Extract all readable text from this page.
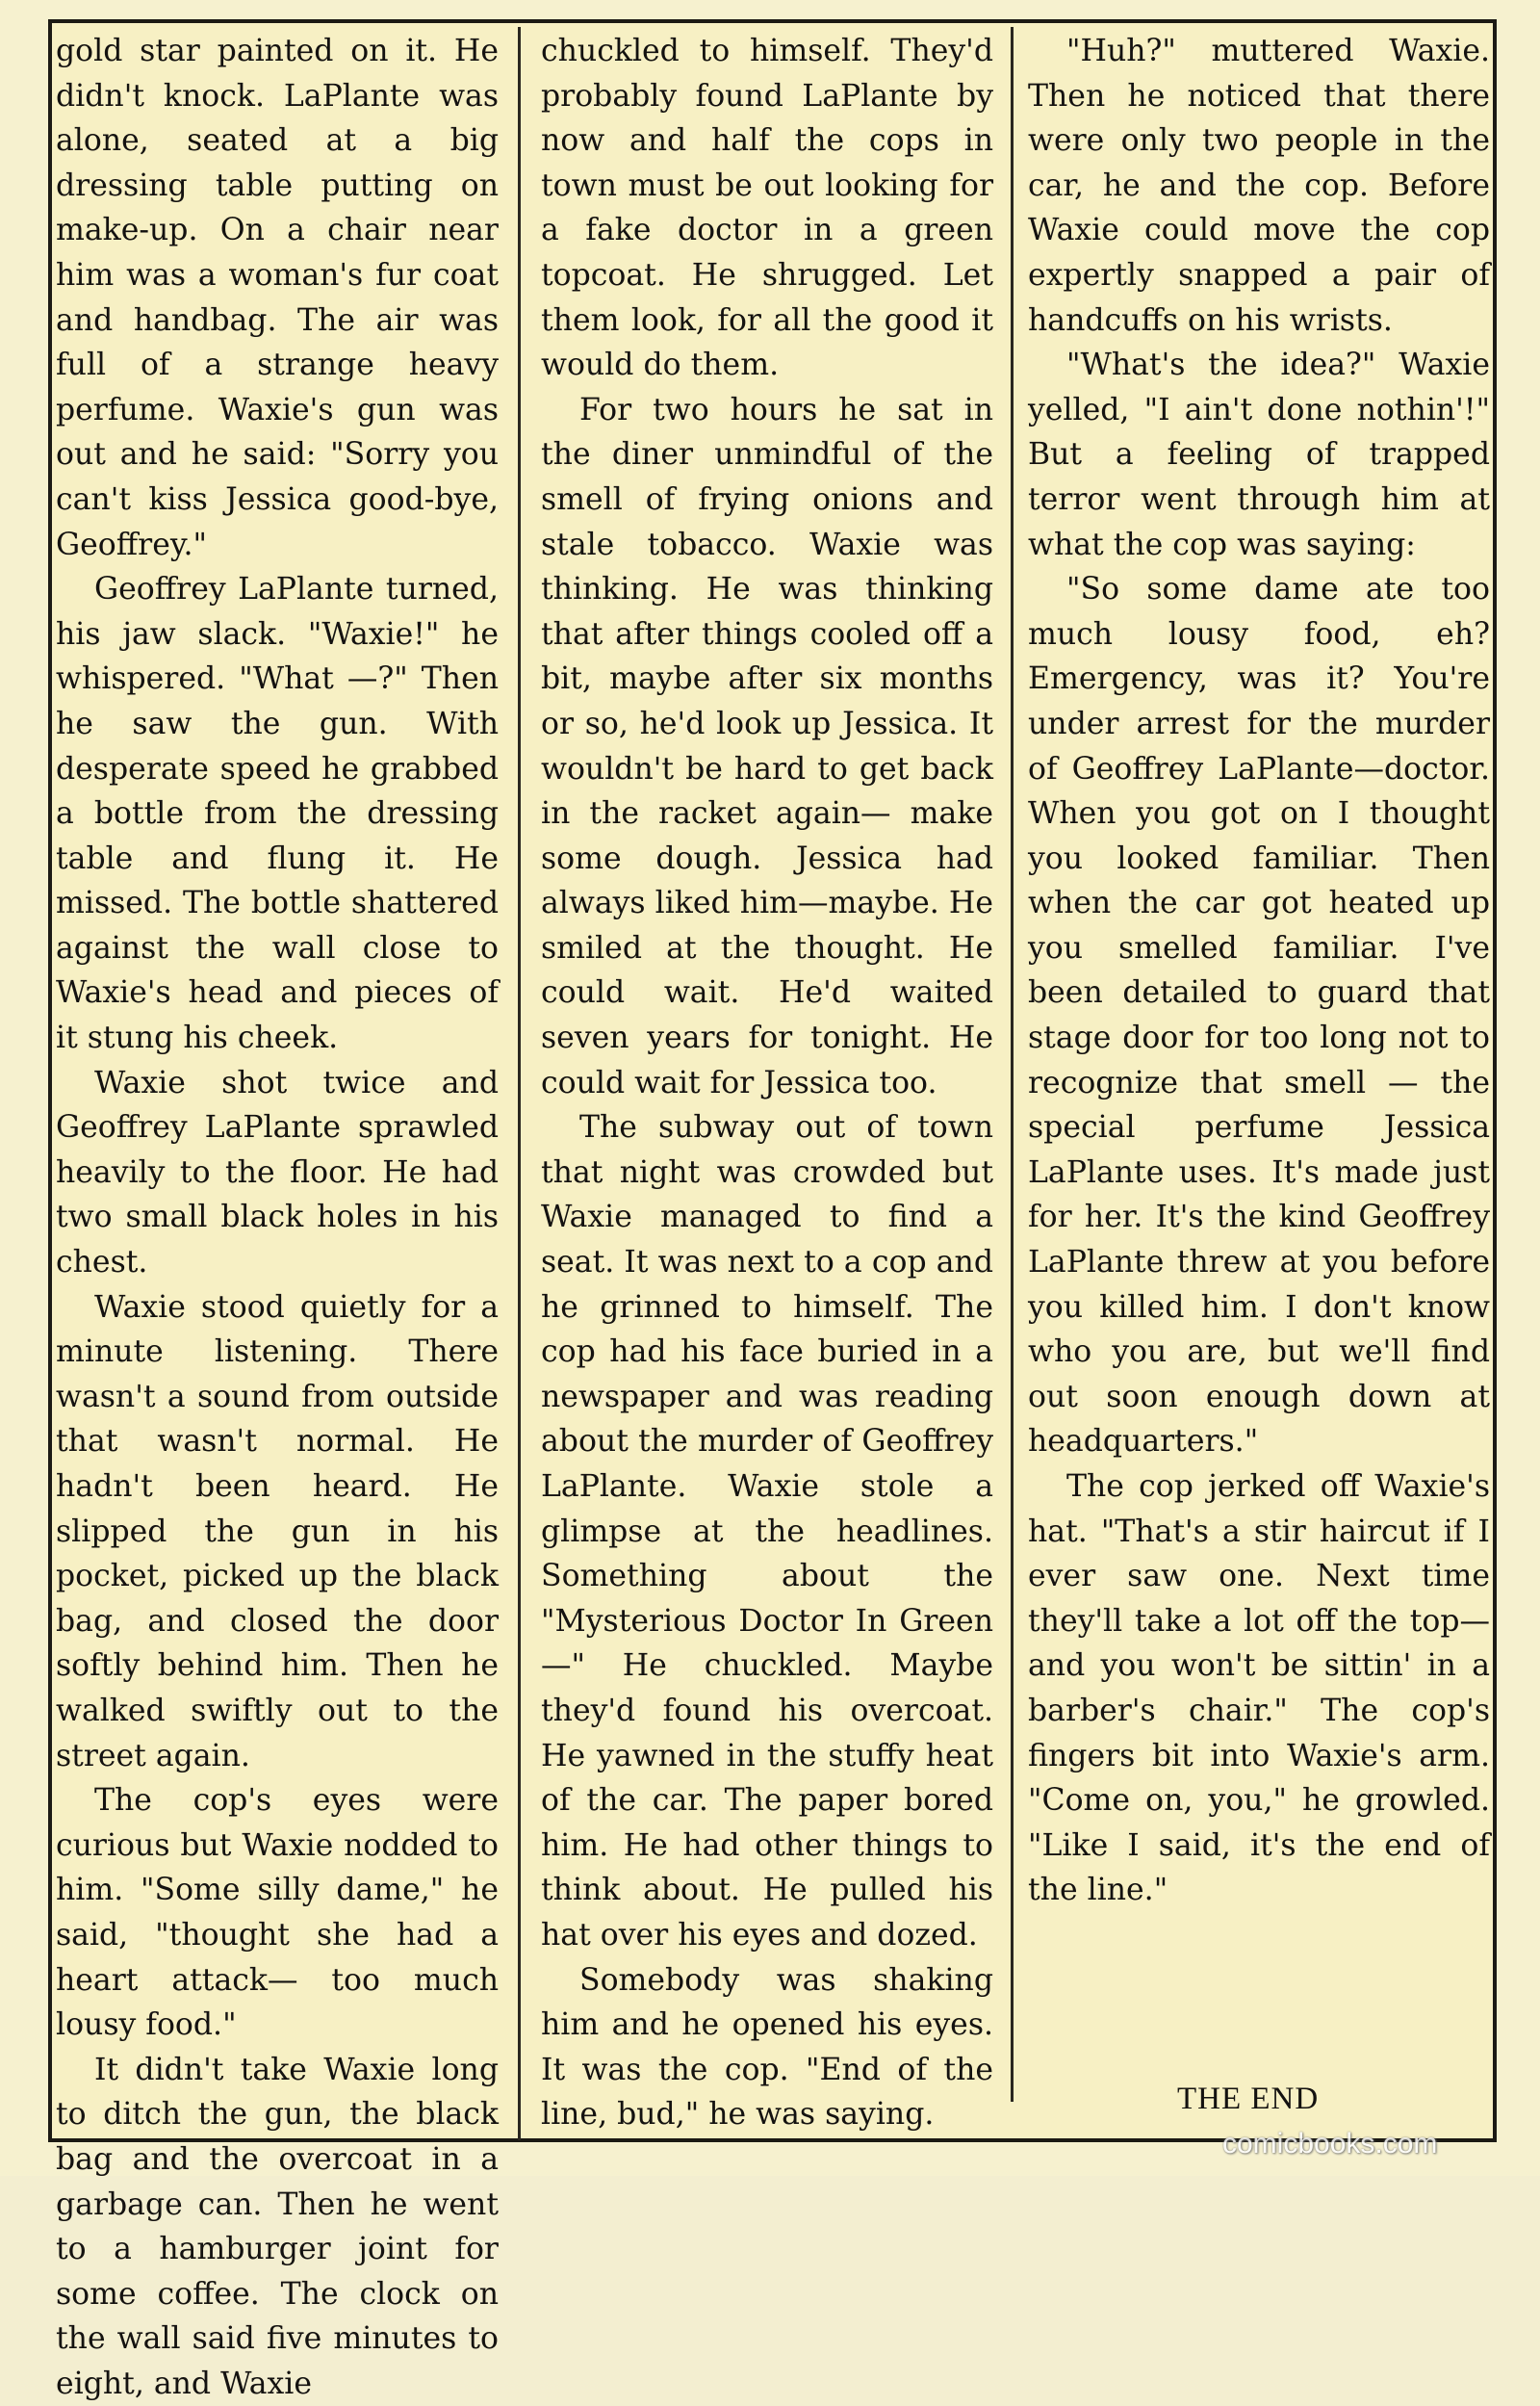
gold star painted on it. He didn't knock. LaPlante was alone, seated at a big dressing table putting on make-up. On a chair near him was a woman's fur coat and handbag. The air was full of a strange heavy perfume. Waxie's gun was out and he said: "Sorry you can't kiss Jessica good-bye, Geoffrey."

Geoffrey LaPlante turned, his jaw slack. "Waxie!" he whispered. "What —?" Then he saw the gun. With desperate speed he grabbed a bottle from the dressing table and flung it. He missed. The bottle shattered against the wall close to Waxie's head and pieces of it stung his cheek.

Waxie shot twice and Geoffrey LaPlante sprawled heavily to the floor. He had two small black holes in his chest.

Waxie stood quietly for a minute listening. There wasn't a sound from outside that wasn't normal. He hadn't been heard. He slipped the gun in his pocket, picked up the black bag, and closed the door softly behind him. Then he walked swiftly out to the street again.

The cop's eyes were curious but Waxie nodded to him. "Some silly dame," he said, "thought she had a heart attack— too much lousy food."

It didn't take Waxie long to ditch the gun, the black bag and the overcoat in a garbage can. Then he went to a hamburger joint for some coffee. The clock on the wall said five minutes to eight, and Waxie

chuckled to himself. They'd probably found LaPlante by now and half the cops in town must be out looking for a fake doctor in a green topcoat. He shrugged. Let them look, for all the good it would do them.

For two hours he sat in the diner unmindful of the smell of frying onions and stale tobacco. Waxie was thinking. He was thinking that after things cooled off a bit, maybe after six months or so, he'd look up Jessica. It wouldn't be hard to get back in the racket again— make some dough. Jessica had always liked him—maybe. He smiled at the thought. He could wait. He'd waited seven years for tonight. He could wait for Jessica too.

The subway out of town that night was crowded but Waxie managed to find a seat. It was next to a cop and he grinned to himself. The cop had his face buried in a newspaper and was reading about the murder of Geoffrey LaPlante. Waxie stole a glimpse at the headlines. Something about the "Mysterious Doctor In Green—" He chuckled. Maybe they'd found his overcoat. He yawned in the stuffy heat of the car. The paper bored him. He had other things to think about. He pulled his hat over his eyes and dozed.

Somebody was shaking him and he opened his eyes. It was the cop. "End of the line, bud," he was saying.

"Huh?" muttered Waxie. Then he noticed that there were only two people in the car, he and the cop. Before Waxie could move the cop expertly snapped a pair of handcuffs on his wrists.

"What's the idea?" Waxie yelled, "I ain't done nothin'!" But a feeling of trapped terror went through him at what the cop was saying:

"So some dame ate too much lousy food, eh? Emergency, was it? You're under arrest for the murder of Geoffrey LaPlante—doctor. When you got on I thought you looked familiar. Then when the car got heated up you smelled familiar. I've been detailed to guard that stage door for too long not to recognize that smell — the special perfume Jessica LaPlante uses. It's made just for her. It's the kind Geoffrey LaPlante threw at you before you killed him. I don't know who you are, but we'll find out soon enough down at headquarters."

The cop jerked off Waxie's hat. "That's a stir haircut if I ever saw one. Next time they'll take a lot off the top—and you won't be sittin' in a barber's chair." The cop's fingers bit into Waxie's arm. "Come on, you," he growled. "Like I said, it's the end of the line."

THE END
comicbooks.com
